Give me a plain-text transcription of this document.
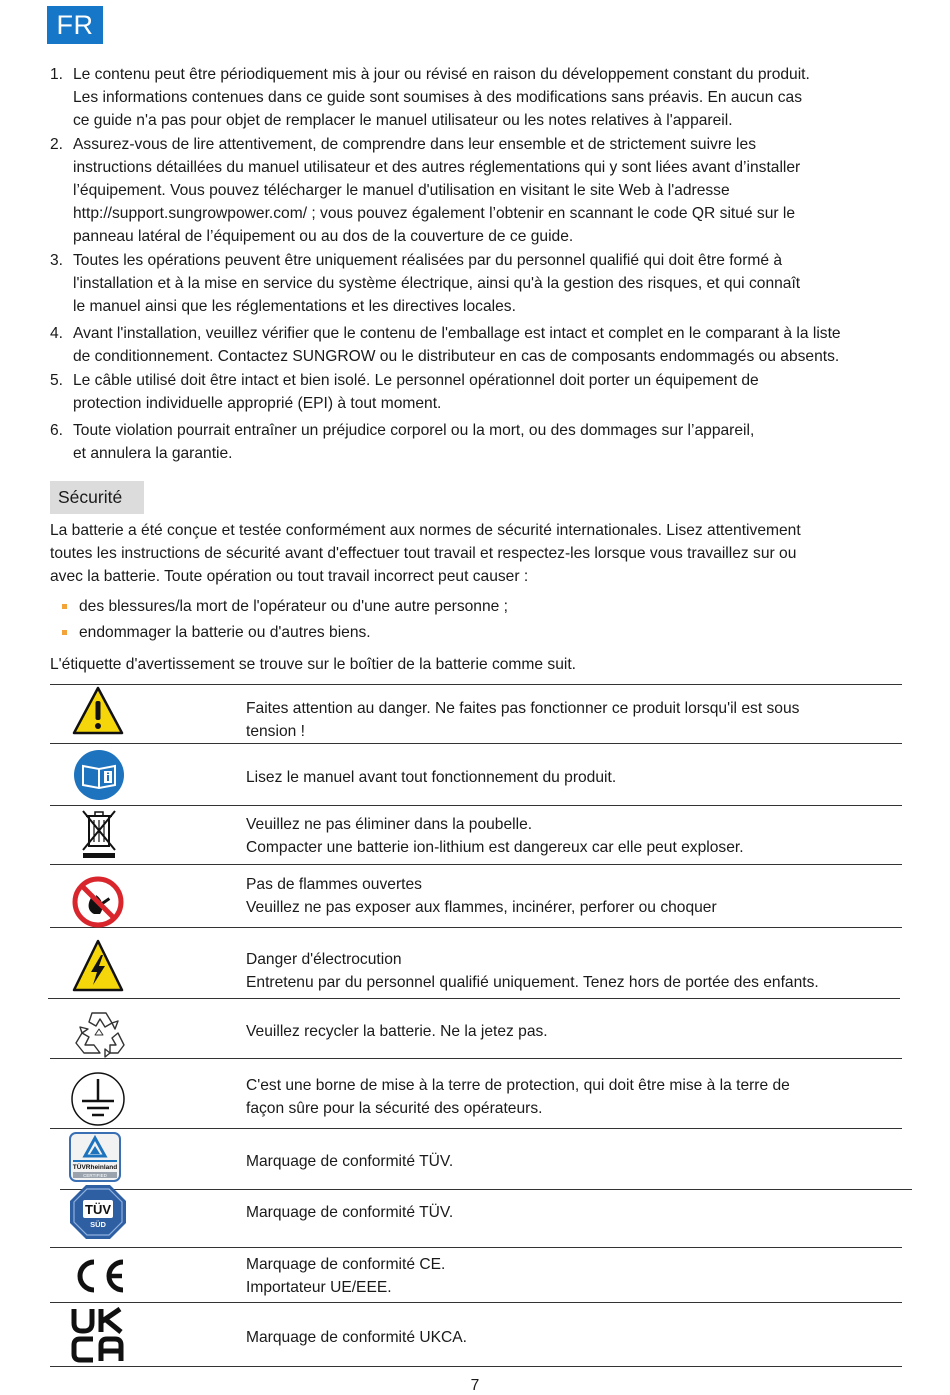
FR
1. Le contenu peut être périodiquement mis à jour ou révisé en raison du développement constant du produit.
Les informations contenues dans ce guide sont soumises à des modifications sans préavis. En aucun cas
ce guide n'a pas pour objet de remplacer le manuel utilisateur ou les notes relatives à l'appareil.
2. Assurez-vous de lire attentivement, de comprendre dans leur ensemble et de strictement suivre les
instructions détaillées du manuel utilisateur et des autres réglementations qui y sont liées avant d’installer
l’équipement. Vous pouvez télécharger le manuel d'utilisation en visitant le site Web à l'adresse
http://support.sungrowpower.com/ ; vous pouvez également l’obtenir en scannant le code QR situé sur le
panneau latéral de l’équipement ou au dos de la couverture de ce guide.
3. Toutes les opérations peuvent être uniquement réalisées par du personnel qualifié qui doit être formé à
l'installation et à la mise en service du système électrique, ainsi qu'à la gestion des risques, et qui connaît
le manuel ainsi que les réglementations et les directives locales.
4. Avant l'installation, veuillez vérifier que le contenu de l'emballage est intact et complet en le comparant à la liste
de conditionnement. Contactez SUNGROW ou le distributeur en cas de composants endommagés ou absents.
5. Le câble utilisé doit être intact et bien isolé. Le personnel opérationnel doit porter un équipement de
protection individuelle approprié (EPI) à tout moment.
6. Toute violation pourrait entraîner un préjudice corporel ou la mort, ou des dommages sur l’appareil,
et annulera la garantie.
Sécurité
La batterie a été conçue et testée conformément aux normes de sécurité internationales. Lisez attentivement
toutes les instructions de sécurité avant d'effectuer tout travail et respectez-les lorsque vous travaillez sur ou
avec la batterie. Toute opération ou tout travail incorrect peut causer :
des blessures/la mort de l'opérateur ou d'une autre personne ;
endommager la batterie ou d'autres biens.
L'étiquette d'avertissement se trouve sur le boîtier de la batterie comme suit.
Faites attention au danger. Ne faites pas fonctionner ce produit lorsqu'il est sous
tension !
Lisez le manuel avant tout fonctionnement du produit.
Veuillez ne pas éliminer dans la poubelle.
Compacter une batterie ion-lithium est dangereux car elle peut exploser.
Pas de flammes ouvertes
Veuillez ne pas exposer aux flammes, incinérer, perforer ou choquer
Danger d'électrocution
Entretenu par du personnel qualifié uniquement. Tenez hors de portée des enfants.
Veuillez recycler la batterie. Ne la jetez pas.
C'est une borne de mise à la terre de protection, qui doit être mise à la terre de
façon sûre pour la sécurité des opérateurs.
TÜVRheinland
CERTIFIED
Marquage de conformité TÜV.
TÜV
SÜD
Marquage de conformité TÜV.
Marquage de conformité CE.
Importateur UE/EEE.
Marquage de conformité UKCA.
7
